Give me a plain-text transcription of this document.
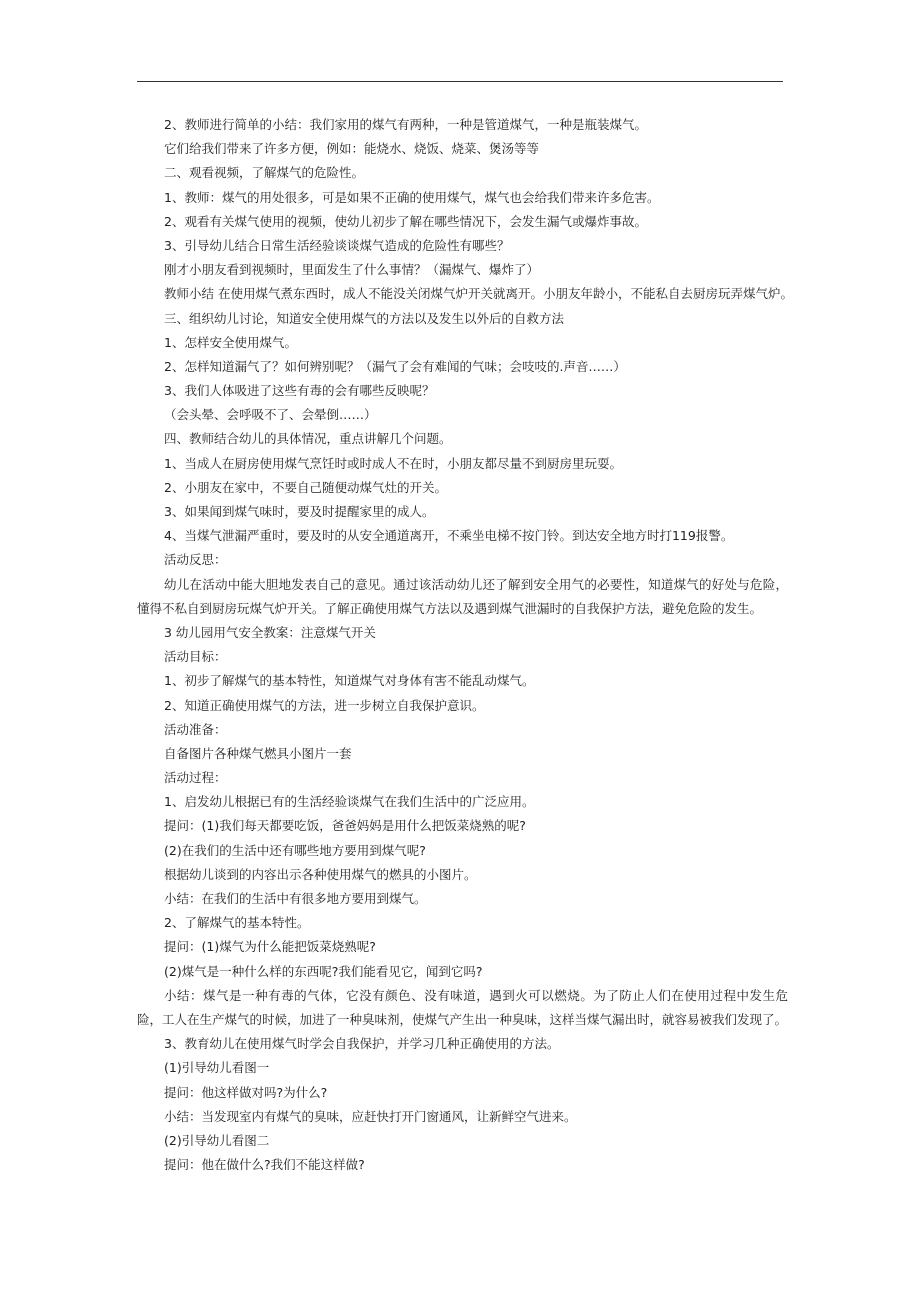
2、教师进行简单的小结：我们家用的煤气有两种，一种是管道煤气，一种是瓶装煤气。
它们给我们带来了许多方便，例如：能烧水、烧饭、烧菜、煲汤等等
二、观看视频，了解煤气的危险性。
1、教师：煤气的用处很多，可是如果不正确的使用煤气，煤气也会给我们带来许多危害。
2、观看有关煤气使用的视频，使幼儿初步了解在哪些情况下，会发生漏气或爆炸事故。
3、引导幼儿结合日常生活经验谈谈煤气造成的危险性有哪些？
刚才小朋友看到视频时，里面发生了什么事情？（漏煤气、爆炸了）
教师小结 在使用煤气煮东西时，成人不能没关闭煤气炉开关就离开。小朋友年龄小，不能私自去厨房玩弄煤气炉。
三、组织幼儿讨论，知道安全使用煤气的方法以及发生以外后的自救方法
1、怎样安全使用煤气。
2、怎样知道漏气了？如何辨别呢？（漏气了会有难闻的气味；会吱吱的.声音……）
3、我们人体吸进了这些有毒的会有哪些反映呢？
（会头晕、会呼吸不了、会晕倒……）
四、教师结合幼儿的具体情况，重点讲解几个问题。
1、当成人在厨房使用煤气烹饪时或时成人不在时，小朋友都尽量不到厨房里玩耍。
2、小朋友在家中，不要自己随便动煤气灶的开关。
3、如果闻到煤气味时，要及时提醒家里的成人。
4、当煤气泄漏严重时，要及时的从安全通道离开，不乘坐电梯不按门铃。到达安全地方时打119报警。
活动反思：
幼儿在活动中能大胆地发表自己的意见。通过该活动幼儿还了解到安全用气的必要性，知道煤气的好处与危险，懂得不私自到厨房玩煤气炉开关。了解正确使用煤气方法以及遇到煤气泄漏时的自我保护方法，避免危险的发生。
3 幼儿园用气安全教案：注意煤气开关
活动目标：
1、初步了解煤气的基本特性，知道煤气对身体有害不能乱动煤气。
2、知道正确使用煤气的方法，进一步树立自我保护意识。
活动准备：
自备图片各种煤气燃具小图片一套
活动过程：
1、启发幼儿根据已有的生活经验谈煤气在我们生活中的广泛应用。
提问：(1)我们每天都要吃饭，爸爸妈妈是用什么把饭菜烧熟的呢?
(2)在我们的生活中还有哪些地方要用到煤气呢?
根据幼儿谈到的内容出示各种使用煤气的燃具的小图片。
小结：在我们的生活中有很多地方要用到煤气。
2、了解煤气的基本特性。
提问：(1)煤气为什么能把饭菜烧熟呢?
(2)煤气是一种什么样的东西呢?我们能看见它，闻到它吗?
小结：煤气是一种有毒的气体，它没有颜色、没有味道，遇到火可以燃烧。为了防止人们在使用过程中发生危险，工人在生产煤气的时候，加进了一种臭味剂，使煤气产生出一种臭味，这样当煤气漏出时，就容易被我们发现了。
3、教育幼儿在使用煤气时学会自我保护，并学习几种正确使用的方法。
(1)引导幼儿看图一
提问：他这样做对吗?为什么?
小结：当发现室内有煤气的臭味，应赶快打开门窗通风，让新鲜空气进来。
(2)引导幼儿看图二
提问：他在做什么?我们不能这样做?
